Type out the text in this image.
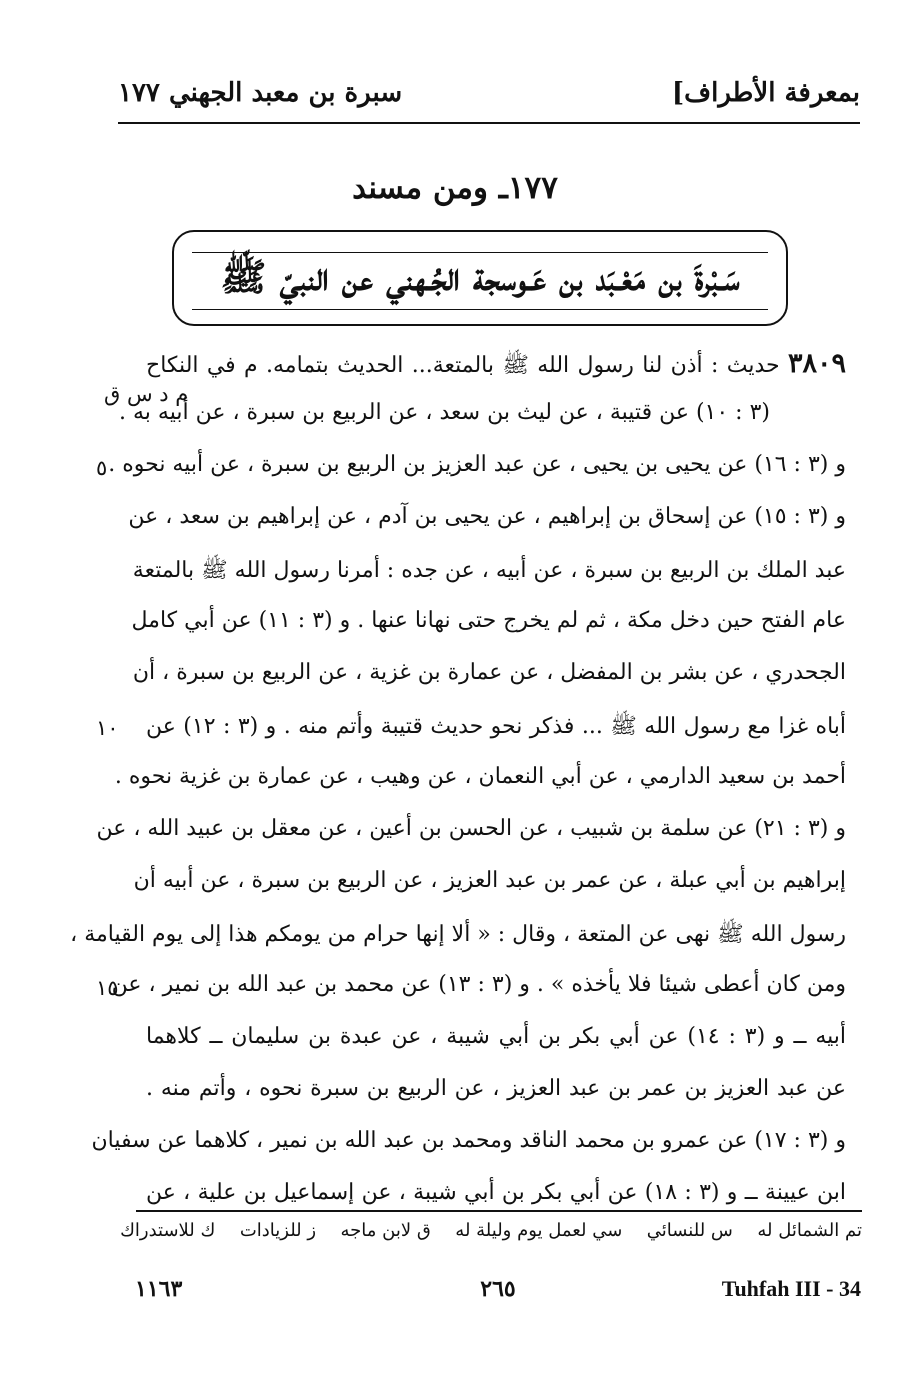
بمعرفة الأطراف]
سبرة بن معبد الجهني ١٧٧
١٧٧ـ ومن مسند
سَـبْرةَ بن مَعْـبَد بن عَـوسجة الجُـهني عن النبيّ ﷺ
٣٨٠٩ حديث : أذن لنا رسول الله ﷺ بالمتعة... الحديث بتمامه. م في النكاح
م د س ق
(٣ : ١٠) عن قتيبة ، عن ليث بن سعد ، عن الربيع بن سبرة ، عن أبيه به .
و (٣ : ١٦) عن يحيى بن يحيى ، عن عبد العزيز بن الربيع بن سبرة ، عن أبيه نحوه .
٥
و (٣ : ١٥) عن إسحاق بن إبراهيم ، عن يحيى بن آدم ، عن إبراهيم بن سعد ، عن
عبد الملك بن الربيع بن سبرة ، عن أبيه ، عن جده : أمرنا رسول الله ﷺ بالمتعة
عام الفتح حين دخل مكة ، ثم لم يخرج حتى نهانا عنها . و (٣ : ١١) عن أبي كامل
الجحدري ، عن بشر بن المفضل ، عن عمارة بن غزية ، عن الربيع بن سبرة ، أن
أباه غزا مع رسول الله ﷺ ... فذكر نحو حديث قتيبة وأتم منه . و (٣ : ١٢) عن
١٠
أحمد بن سعيد الدارمي ، عن أبي النعمان ، عن وهيب ، عن عمارة بن غزية نحوه .
و (٣ : ٢١) عن سلمة بن شبيب ، عن الحسن بن أعين ، عن معقل بن عبيد الله ، عن
إبراهيم بن أبي عبلة ، عن عمر بن عبد العزيز ، عن الربيع بن سبرة ، عن أبيه أن
رسول الله ﷺ نهى عن المتعة ، وقال : « ألا إنها حرام من يومكم هذا إلى يوم القيامة ،
ومن كان أعطى شيئا فلا يأخذه » . و (٣ : ١٣) عن محمد بن عبد الله بن نمير ، عن
١٥
أبيه ــ و (٣ : ١٤) عن أبي بكر بن أبي شيبة ، عن عبدة بن سليمان ــ كلاهما
عن عبد العزيز بن عمر بن عبد العزيز ، عن الربيع بن سبرة نحوه ، وأتم منه .
و (٣ : ١٧) عن عمرو بن محمد الناقد ومحمد بن عبد الله بن نمير ، كلاهما عن سفيان
ابن عيينة ــ و (٣ : ١٨) عن أبي بكر بن أبي شيبة ، عن إسماعيل بن علية ، عن
تم الشمائل له
س للنسائي
سي لعمل يوم وليلة له
ق لابن ماجه
ز للزيادات
ك للاستدراك
١١٦٣	٢٦٥	Tuhfah III - 34
